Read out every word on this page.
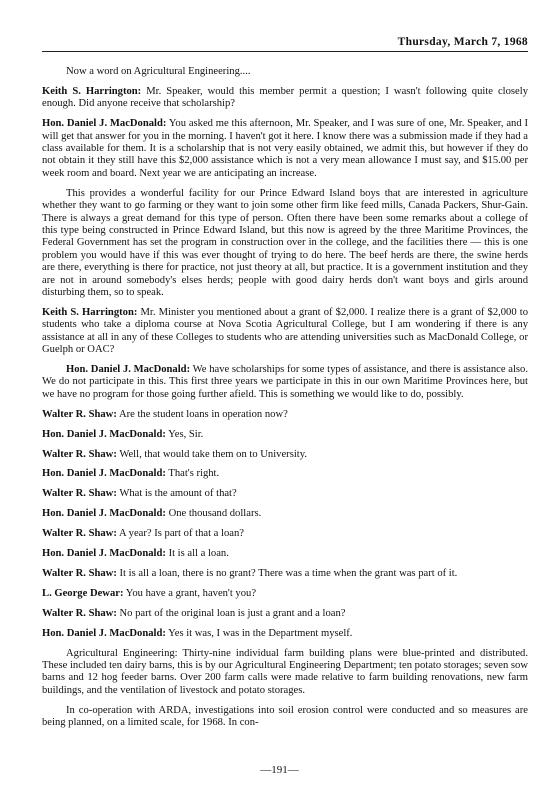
Thursday, March 7, 1968

Now a word on Agricultural Engineering....

Keith S. Harrington: Mr. Speaker, would this member permit a question; I wasn't following quite closely enough. Did anyone receive that scholarship?

Hon. Daniel J. MacDonald: You asked me this afternoon, Mr. Speaker, and I was sure of one, Mr. Speaker, and I will get that answer for you in the morning. I haven't got it here. I know there was a submission made if they had a class available for them. It is a scholarship that is not very easily obtained, we admit this, but however if they do not obtain it they still have this $2,000 assistance which is not a very mean allowance I must say, and $15.00 per week room and board. Next year we are anticipating an increase.

This provides a wonderful facility for our Prince Edward Island boys that are interested in agriculture whether they want to go farming or they want to join some other firm like feed mills, Canada Packers, Shur-Gain. There is always a great demand for this type of person. Often there have been some remarks about a college of this type being constructed in Prince Edward Island, but this now is agreed by the three Maritime Provinces, the Federal Government has set the program in construction over in the college, and the facilities there — this is one problem you would have if this was ever thought of trying to do here. The beef herds are there, the swine herds are there, everything is there for practice, not just theory at all, but practice. It is a government institution and they are not in around somebody's elses herds; people with good dairy herds don't want boys and girls around disturbing them, so to speak.

Keith S. Harrington: Mr. Minister you mentioned about a grant of $2,000. I realize there is a grant of $2,000 to students who take a diploma course at Nova Scotia Agricultural College, but I am wondering if there is any assistance at all in any of these Colleges to students who are attending universities such as MacDonald College, or Guelph or OAC?

Hon. Daniel J. MacDonald: We have scholarships for some types of assistance, and there is assistance also. We do not participate in this. This first three years we participate in this in our own Maritime Provinces here, but we have no program for those going further afield. This is something we would like to do, possibly.

Walter R. Shaw: Are the student loans in operation now?

Hon. Daniel J. MacDonald: Yes, Sir.

Walter R. Shaw: Well, that would take them on to University.

Hon. Daniel J. MacDonald: That's right.

Walter R. Shaw: What is the amount of that?

Hon. Daniel J. MacDonald: One thousand dollars.

Walter R. Shaw: A year? Is part of that a loan?

Hon. Daniel J. MacDonald: It is all a loan.

Walter R. Shaw: It is all a loan, there is no grant? There was a time when the grant was part of it.

L. George Dewar: You have a grant, haven't you?

Walter R. Shaw: No part of the original loan is just a grant and a loan?

Hon. Daniel J. MacDonald: Yes it was, I was in the Department myself.

Agricultural Engineering: Thirty-nine individual farm building plans were blue-printed and distributed. These included ten dairy barns, this is by our Agricultural Engineering Department; ten potato storages; seven sow barns and 12 hog feeder barns. Over 200 farm calls were made relative to farm building renovations, new farm buildings, and the ventilation of livestock and potato storages.

In co-operation with ARDA, investigations into soil erosion control were conducted and so measures are being planned, on a limited scale, for 1968. In con-

—191—
